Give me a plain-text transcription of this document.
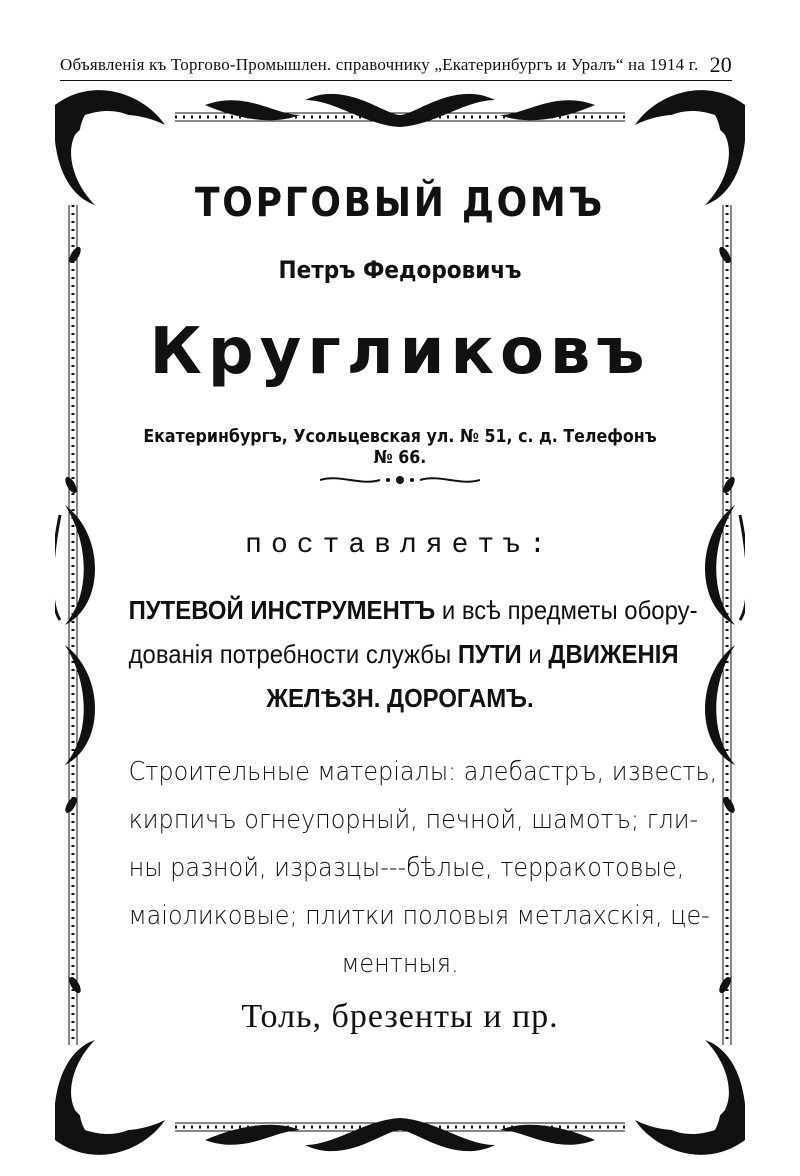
Объявленія къ Торгово-Промышлен. справочнику „Екатеринбургъ и Уралъ“ на 1914 г. 20
ТОРГОВЫЙ ДОМЪ
Петръ Федоровичъ
Кругликовъ
Екатеринбургъ, Усольцевская ул. № 51, с. д. Телефонъ № 66.
поставляетъ:
ПУТЕВОЙ ИНСТРУМЕНТЪ и всѣ предметы обору-
дованія потребности службы ПУТИ и ДВИЖЕНІЯ
ЖЕЛѢЗН. ДОРОГАМЪ.
Строительные матеріалы: алебастръ, известь,
кирпичъ огнеупорный, печной, шамотъ; гли-
ны разной, изразцы---бѣлые, терракотовые,
маіоликовые; плитки половыя метлахскія, це-
ментныя.
Толь, брезенты и пр.
